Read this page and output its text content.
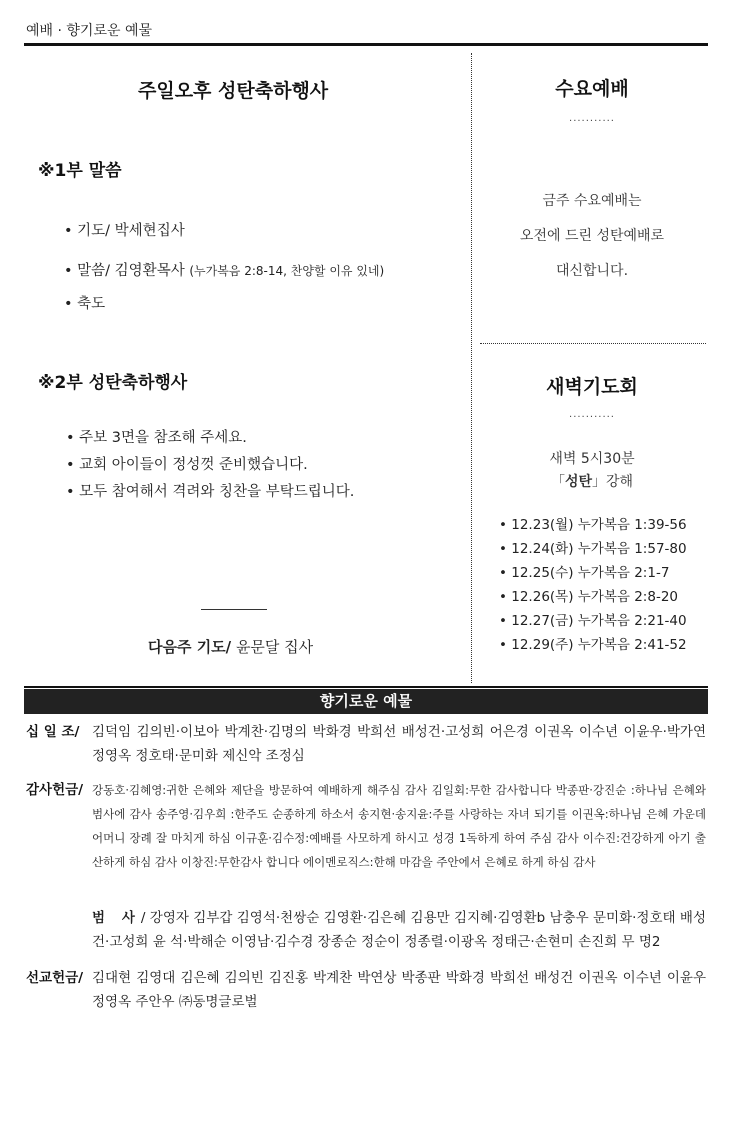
예배 · 향기로운 예물
주일오후 성탄축하행사
※1부 말씀
• 기도/ 박세현집사
• 말씀/ 김영환목사 (누가복음 2:8-14, 찬양할 이유 있네)
• 축도
※2부 성탄축하행사
• 주보 3면을 참조해 주세요.
• 교회 아이들이 정성껏 준비했습니다.
• 모두 참여해서 격려와 칭찬을 부탁드립니다.
다음주 기도/ 윤문달 집사
수요예배
...........
금주 수요예배는
오전에 드린 성탄예배로
대신합니다.
새벽기도회
...........
새벽 5시30분
「성탄」강해
• 12.23(월) 누가복음 1:39-56
• 12.24(화) 누가복음 1:57-80
• 12.25(수) 누가복음 2:1-7
• 12.26(목) 누가복음 2:8-20
• 12.27(금) 누가복음 2:21-40
• 12.29(주) 누가복음 2:41-52
향기로운 예물
십 일 조/ 김덕임 김의빈·이보아 박계찬·김명의 박화경 박희선 배성건·고성희 어은경 이권옥 이수년 이윤우·박가연 정영옥 정호태·문미화 제신악 조정심
감사헌금/ 강동호·김혜영:귀한 은혜와 제단을 방문하여 예배하게 해주심 감사 김일회:무한 감사합니다 박종판·강진순 :하나님 은혜와 범사에 감사 송주영·김우희 :한주도 순종하게 하소서 송지현·송지윤:주를 사랑하는 자녀 되기를 이권옥:하나님 은혜 가운데 어머니 장례 잘 마치게 하심 이규훈·김수정:예배를 사모하게 하시고 성경 1독하게 하여 주심 감사 이수진:건강하게 아기 출산하게 하심 감사 이창진:무한감사 합니다 에이멘로직스:한해 마감을 주안에서 은혜로 하게 하심 감사
범 사/ 강영자 김부갑 김영석·천쌍순 김영환·김은혜 김용만 김지혜·김영환b 남충우 문미화·정호태 배성건·고성희 윤 석·박해순 이영남·김수경 장종순 정순이 정종렬·이광옥 정태근·손현미 손진희 무 명2
선교헌금/ 김대현 김영대 김은혜 김의빈 김진홍 박계찬 박연상 박종판 박화경 박희선 배성건 이권옥 이수년 이윤우 정영옥 주안우 ㈜동명글로벌
